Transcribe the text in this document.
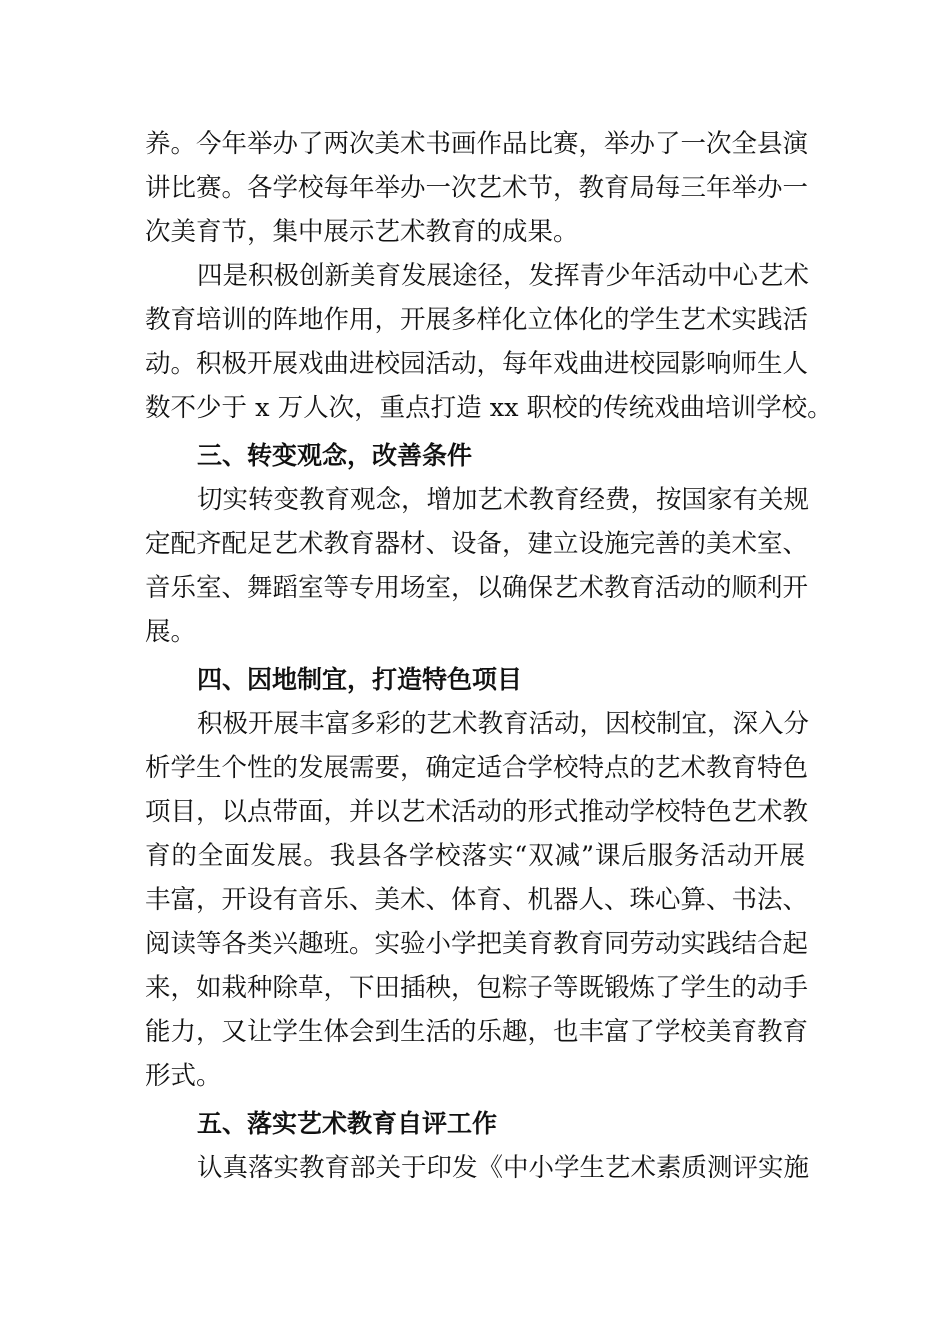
养。今年举办了两次美术书画作品比赛，举办了一次全县演
讲比赛。各学校每年举办一次艺术节，教育局每三年举办一
次美育节，集中展示艺术教育的成果。
四是积极创新美育发展途径，发挥青少年活动中心艺术
教育培训的阵地作用，开展多样化立体化的学生艺术实践活
动。积极开展戏曲进校园活动，每年戏曲进校园影响师生人
数不少于 x 万人次，重点打造 xx 职校的传统戏曲培训学校。
三、转变观念，改善条件
切实转变教育观念，增加艺术教育经费，按国家有关规
定配齐配足艺术教育器材、设备，建立设施完善的美术室、
音乐室、舞蹈室等专用场室，以确保艺术教育活动的顺利开
展。
四、因地制宜，打造特色项目
积极开展丰富多彩的艺术教育活动，因校制宜，深入分
析学生个性的发展需要，确定适合学校特点的艺术教育特色
项目，以点带面，并以艺术活动的形式推动学校特色艺术教
育的全面发展。我县各学校落实“双减”课后服务活动开展
丰富，开设有音乐、美术、体育、机器人、珠心算、书法、
阅读等各类兴趣班。实验小学把美育教育同劳动实践结合起
来，如栽种除草，下田插秧，包粽子等既锻炼了学生的动手
能力，又让学生体会到生活的乐趣，也丰富了学校美育教育
形式。
五、落实艺术教育自评工作
认真落实教育部关于印发《中小学生艺术素质测评实施
